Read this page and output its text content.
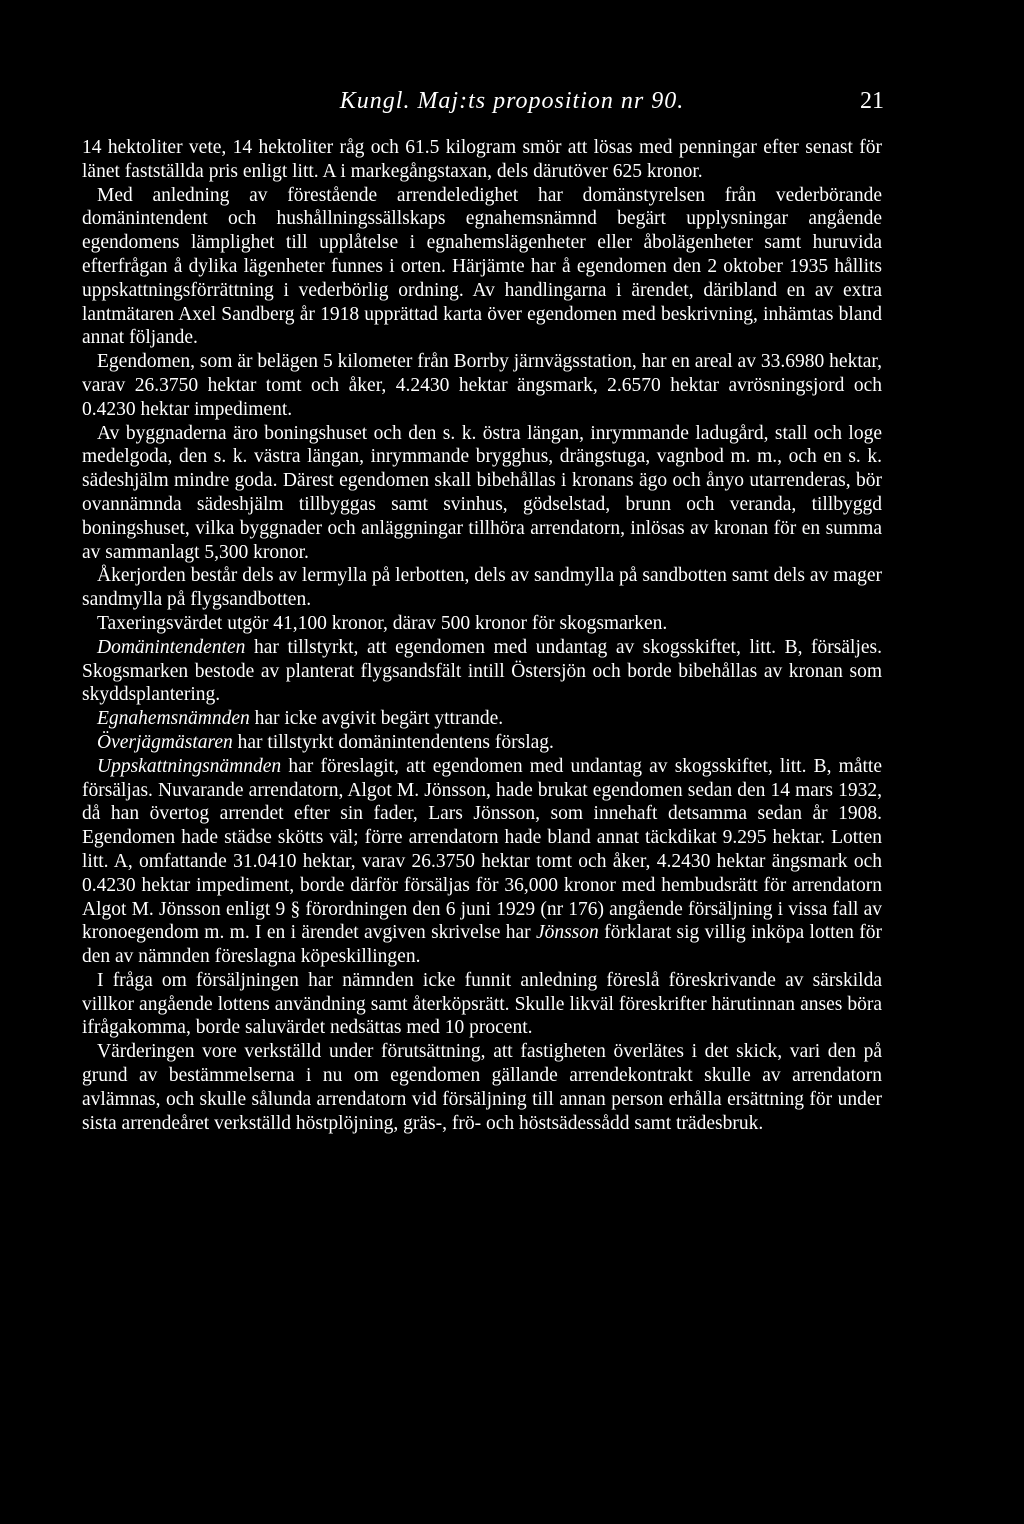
Kungl. Maj:ts proposition nr 90.	21

14 hektoliter vete, 14 hektoliter råg och 61.5 kilogram smör att lösas med penningar efter senast för länet fastställda pris enligt litt. A i markegångstaxan, dels därutöver 625 kronor.

Med anledning av förestående arrendeledighet har domänstyrelsen från vederbörande domänintendent och hushållningssällskaps egnahemsnämnd begärt upplysningar angående egendomens lämplighet till upplåtelse i egnahemslägenheter eller åbolägenheter samt huruvida efterfrågan å dylika lägenheter funnes i orten. Härjämte har å egendomen den 2 oktober 1935 hållits uppskattningsförrättning i vederbörlig ordning. Av handlingarna i ärendet, däribland en av extra lantmätaren Axel Sandberg år 1918 upprättad karta över egendomen med beskrivning, inhämtas bland annat följande.

Egendomen, som är belägen 5 kilometer från Borrby järnvägsstation, har en areal av 33.6980 hektar, varav 26.3750 hektar tomt och åker, 4.2430 hektar ängsmark, 2.6570 hektar avrösningsjord och 0.4230 hektar impediment.

Av byggnaderna äro boningshuset och den s. k. östra längan, inrymmande ladugård, stall och loge medelgoda, den s. k. västra längan, inrymmande brygghus, drängstuga, vagnbod m. m., och en s. k. sädeshjälm mindre goda. Därest egendomen skall bibehållas i kronans ägo och ånyo utarrenderas, bör ovannämnda sädeshjälm tillbyggas samt svinhus, gödselstad, brunn och veranda, tillbyggd boningshuset, vilka byggnader och anläggningar tillhöra arrendatorn, inlösas av kronan för en summa av sammanlagt 5,300 kronor.

Åkerjorden består dels av lermylla på lerbotten, dels av sandmylla på sandbotten samt dels av mager sandmylla på flygsandbotten.

Taxeringsvärdet utgör 41,100 kronor, därav 500 kronor för skogsmarken.

Domänintendenten har tillstyrkt, att egendomen med undantag av skogsskiftet, litt. B, försäljes. Skogsmarken bestode av planterat flygsandsfält intill Östersjön och borde bibehållas av kronan som skyddsplantering.

Egnahemsnämnden har icke avgivit begärt yttrande.

Överjägmästaren har tillstyrkt domänintendentens förslag.

Uppskattningsnämnden har föreslagit, att egendomen med undantag av skogsskiftet, litt. B, måtte försäljas. Nuvarande arrendatorn, Algot M. Jönsson, hade brukat egendomen sedan den 14 mars 1932, då han övertog arrendet efter sin fader, Lars Jönsson, som innehaft detsamma sedan år 1908. Egendomen hade städse skötts väl; förre arrendatorn hade bland annat täckdikat 9.295 hektar. Lotten litt. A, omfattande 31.0410 hektar, varav 26.3750 hektar tomt och åker, 4.2430 hektar ängsmark och 0.4230 hektar impediment, borde därför försäljas för 36,000 kronor med hembudsrätt för arrendatorn Algot M. Jönsson enligt 9 § förordningen den 6 juni 1929 (nr 176) angående försäljning i vissa fall av kronoegendom m. m. I en i ärendet avgiven skrivelse har Jönsson förklarat sig villig inköpa lotten för den av nämnden föreslagna köpeskillingen.

I fråga om försäljningen har nämnden icke funnit anledning föreslå föreskrivande av särskilda villkor angående lottens användning samt återköpsrätt. Skulle likväl föreskrifter härutinnan anses böra ifrågakomma, borde saluvärdet nedsättas med 10 procent.

Värderingen vore verkställd under förutsättning, att fastigheten överlätes i det skick, vari den på grund av bestämmelserna i nu om egendomen gällande arrendekontrakt skulle av arrendatorn avlämnas, och skulle sålunda arrendatorn vid försäljning till annan person erhålla ersättning för under sista arrendeåret verkställd höstplöjning, gräs-, frö- och höstsädessådd samt trädesbruk.
